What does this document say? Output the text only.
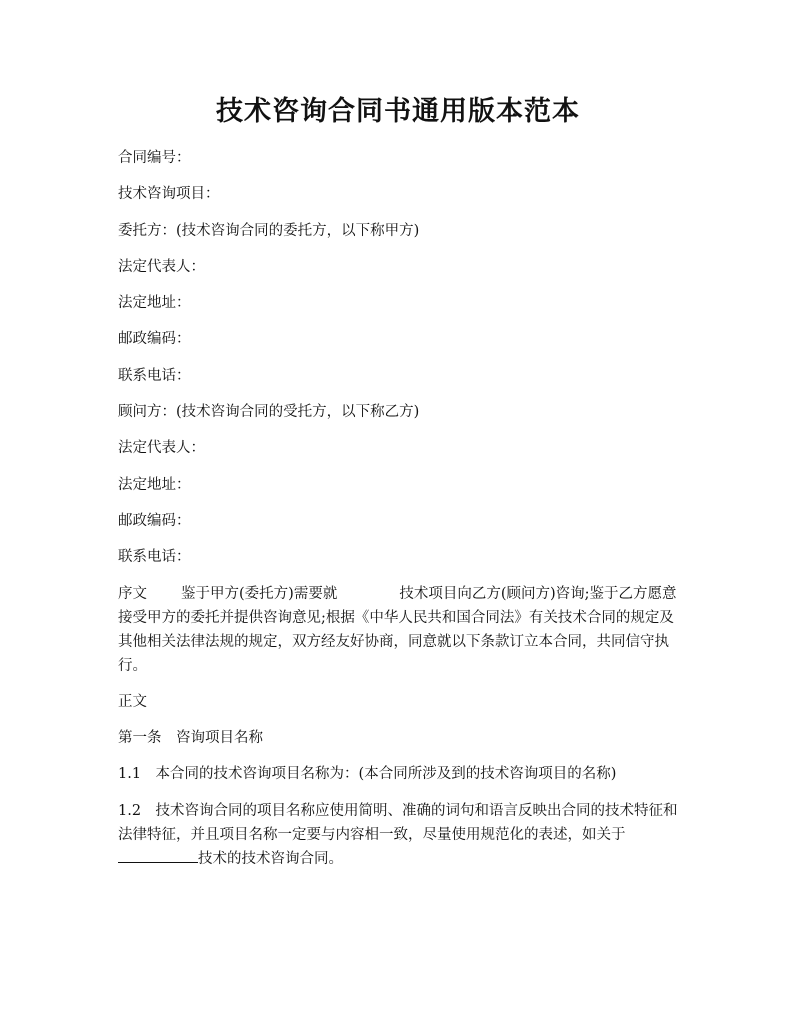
技术咨询合同书通用版本范本

合同编号：

技术咨询项目：

委托方：(技术咨询合同的委托方，以下称甲方)

法定代表人：

法定地址：

邮政编码：

联系电话：

顾问方：(技术咨询合同的受托方，以下称乙方)

法定代表人：

法定地址：

邮政编码：

联系电话：

序文 鉴于甲方(委托方)需要就	技术项目向乙方(顾问方)咨询;鉴于乙方愿意接受甲方的委托并提供咨询意见;根据《中华人民共和国合同法》有关技术合同的规定及其他相关法律法规的规定，双方经友好协商，同意就以下条款订立本合同，共同信守执行。

正文

第一条　咨询项目名称

1.1　本合同的技术咨询项目名称为：(本合同所涉及到的技术咨询项目的名称)

1.2　技术咨询合同的项目名称应使用简明、准确的词句和语言反映出合同的技术特征和法律特征，并且项目名称一定要与内容相一致，尽量使用规范化的表述，如关于技术的技术咨询合同。
